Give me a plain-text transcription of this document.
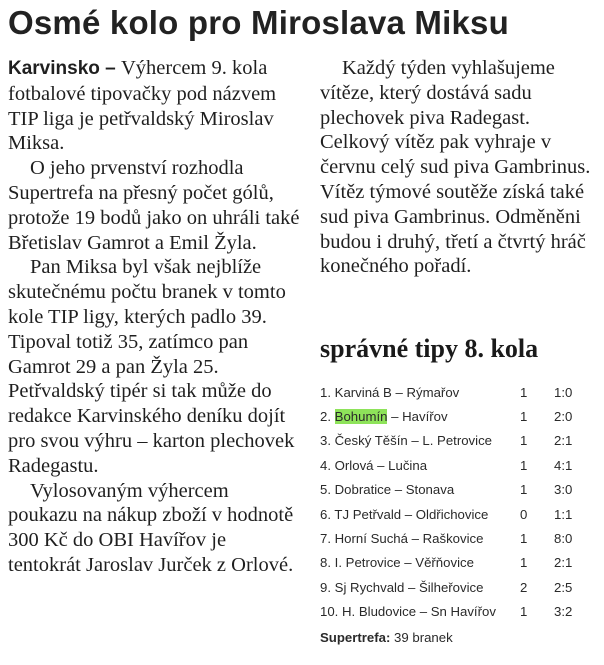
Osmé kolo pro Miroslava Miksu

Karvinsko – Výhercem 9. kola fotbalové tipovačky pod názvem TIP liga je petřvaldský Miroslav Miksa.

O jeho prvenství rozhodla Supertrefa na přesný počet gólů, protože 19 bodů jako on uhráli také Břetislav Gamrot a Emil Žyla.

Pan Miksa byl však nejblíže skutečnému počtu branek v tomto kole TIP ligy, kterých padlo 39. Tipoval totiž 35, zatímco pan Gamrot 29 a pan Žyla 25. Petřvaldský tipér si tak může do redakce Karvinského deníku dojít pro svou výhru – karton plechovek Radegastu.

Vylosovaným výhercem poukazu na nákup zboží v hodnotě 300 Kč do OBI Havířov je tentokrát Jaroslav Jurček z Orlové.

Každý týden vyhlašujeme vítěze, který dostává sadu plechovek piva Radegast. Celkový vítěz pak vyhraje v červnu celý sud piva Gambrinus. Vítěz týmové soutěže získá také sud piva Gambrinus. Odměněni budou i druhý, třetí a čtvrtý hráč konečného pořadí.

správné tipy 8. kola
1. Karviná B – Rýmařov	1	1:0
2. Bohumín – Havířov	1	2:0
3. Český Těšín – L. Petrovice	1	2:1
4. Orlová – Lučina	1	4:1
5. Dobratice – Stonava	1	3:0
6. TJ Petřvald – Oldřichovice	0	1:1
7. Horní Suchá – Raškovice	1	8:0
8. I. Petrovice – Věřňovice	1	2:1
9. Sj Rychvald – Šilheřovice	2	2:5
10. H. Bludovice – Sn Havířov	1	3:2
Supertrefa: 39 branek
